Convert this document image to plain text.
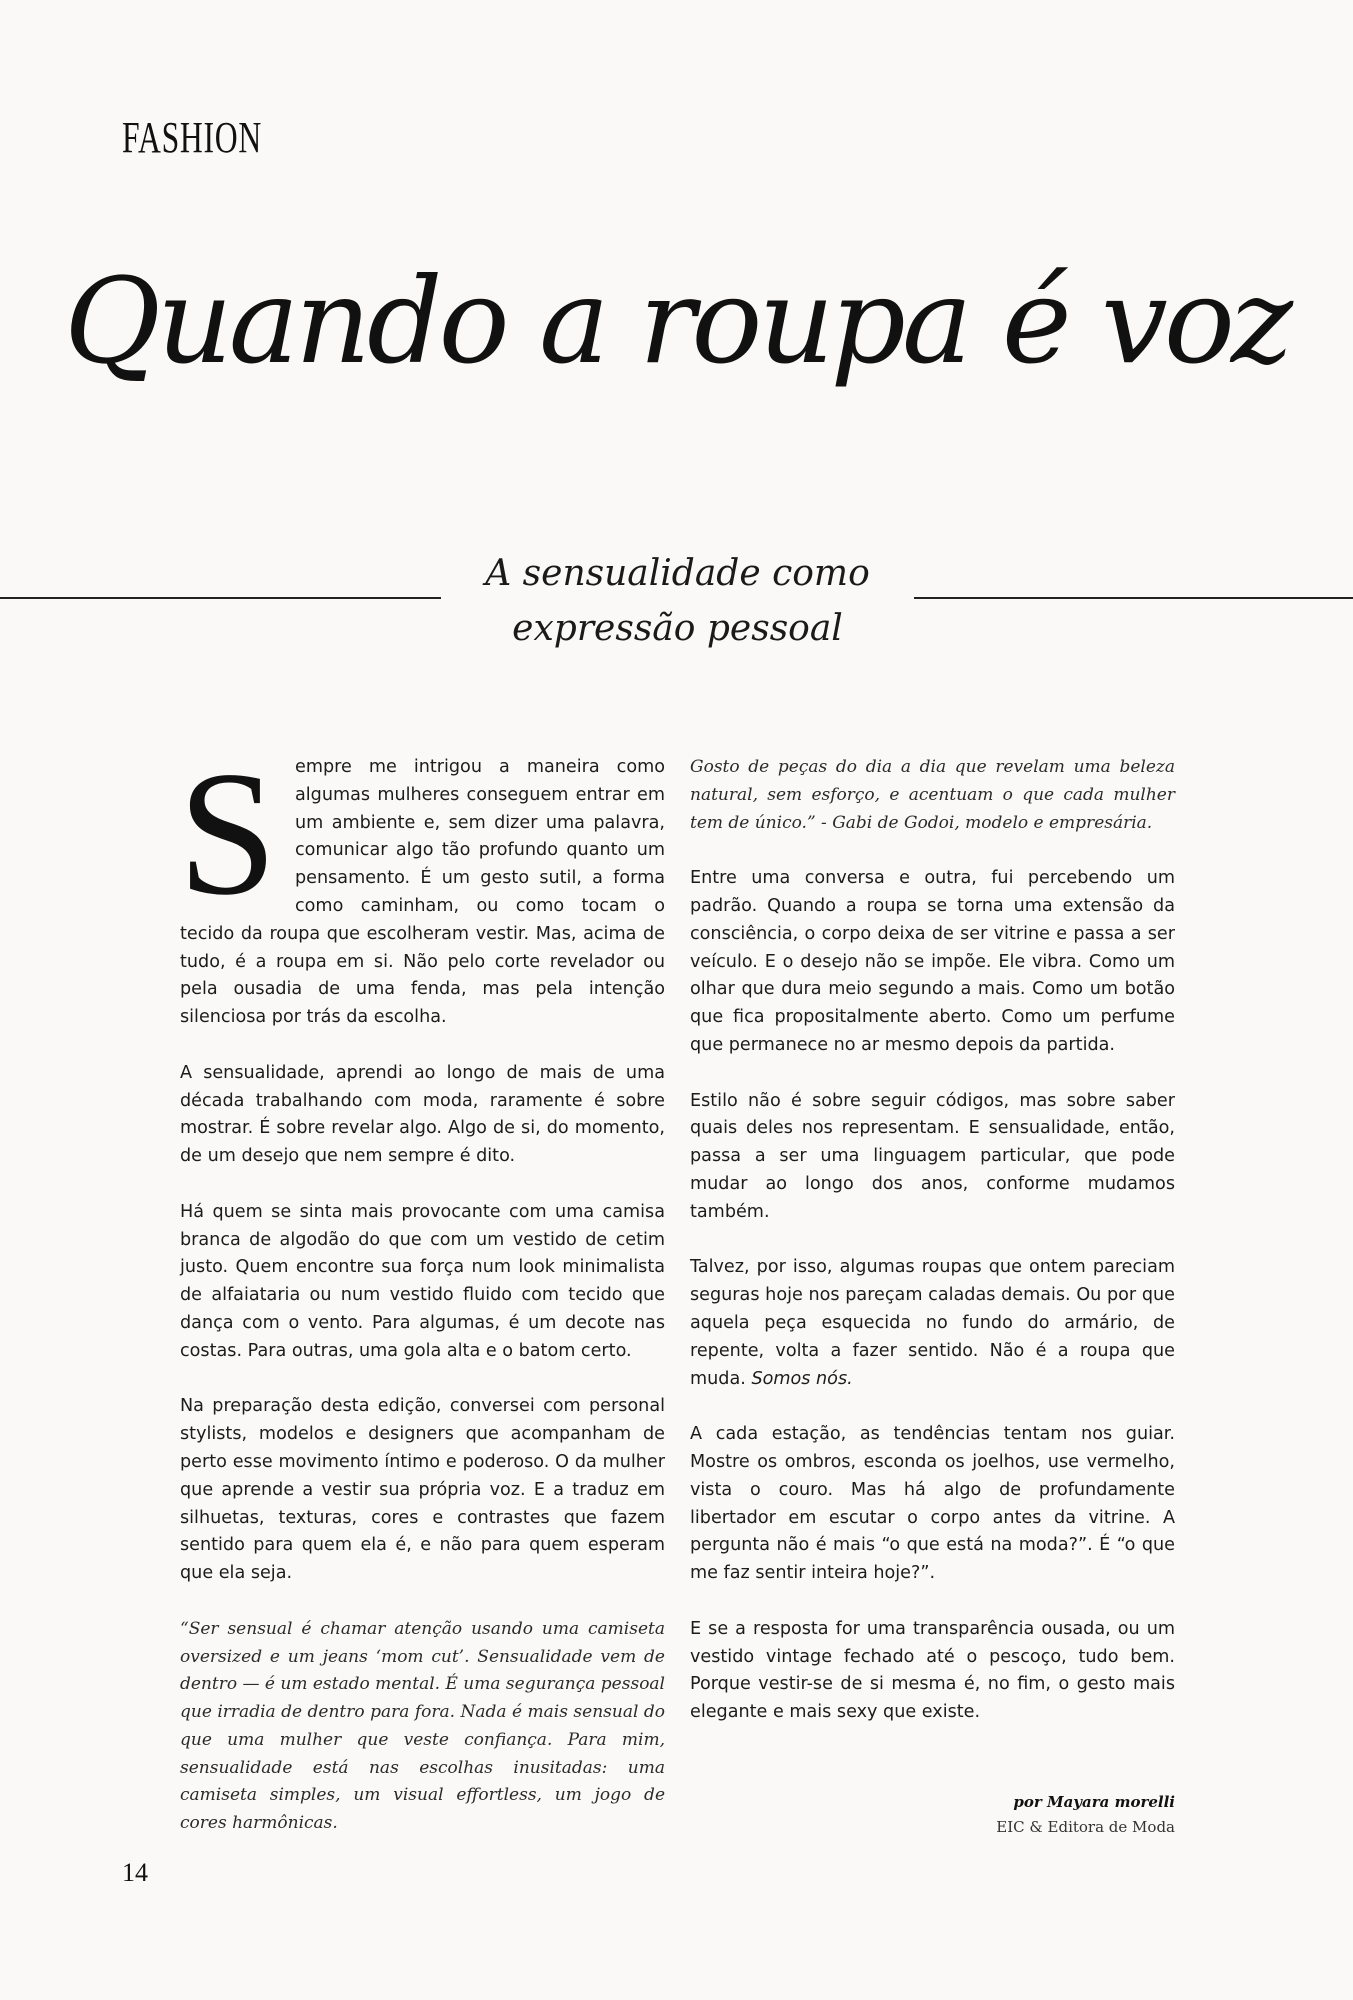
FASHION
Quando a roupa é voz
A sensualidade como
expressão pessoal

S empre me intrigou a maneira como algumas mulheres conseguem entrar em um ambiente e, sem dizer uma palavra, comunicar algo tão profundo quanto um pensamento. É um gesto sutil, a forma como caminham, ou como tocam o tecido da roupa que escolheram vestir. Mas, acima de tudo, é a roupa em si. Não pelo corte revelador ou pela ousadia de uma fenda, mas pela intenção silenciosa por trás da escolha.

A sensualidade, aprendi ao longo de mais de uma década trabalhando com moda, raramente é sobre mostrar. É sobre revelar algo. Algo de si, do momento, de um desejo que nem sempre é dito.

Há quem se sinta mais provocante com uma camisa branca de algodão do que com um vestido de cetim justo. Quem encontre sua força num look minimalista de alfaiataria ou num vestido fluido com tecido que dança com o vento. Para algumas, é um decote nas costas. Para outras, uma gola alta e o batom certo.

Na preparação desta edição, conversei com personal stylists, modelos e designers que acompanham de perto esse movimento íntimo e poderoso. O da mulher que aprende a vestir sua própria voz. E a traduz em silhuetas, texturas, cores e contrastes que fazem sentido para quem ela é, e não para quem esperam que ela seja.

“Ser sensual é chamar atenção usando uma camiseta oversized e um jeans ‘mom cut’. Sensualidade vem de dentro — é um estado mental. É uma segurança pessoal que irradia de dentro para fora. Nada é mais sensual do que uma mulher que veste confiança. Para mim, sensualidade está nas escolhas inusitadas: uma camiseta simples, um visual effortless, um jogo de cores harmônicas.

Gosto de peças do dia a dia que revelam uma beleza natural, sem esforço, e acentuam o que cada mulher tem de único.” - Gabi de Godoi, modelo e empresária.

Entre uma conversa e outra, fui percebendo um padrão. Quando a roupa se torna uma extensão da consciência, o corpo deixa de ser vitrine e passa a ser veículo. E o desejo não se impõe. Ele vibra. Como um olhar que dura meio segundo a mais. Como um botão que fica propositalmente aberto. Como um perfume que permanece no ar mesmo depois da partida.

Estilo não é sobre seguir códigos, mas sobre saber quais deles nos representam. E sensualidade, então, passa a ser uma linguagem particular, que pode mudar ao longo dos anos, conforme mudamos também.

Talvez, por isso, algumas roupas que ontem pareciam seguras hoje nos pareçam caladas demais. Ou por que aquela peça esquecida no fundo do armário, de repente, volta a fazer sentido. Não é a roupa que muda. Somos nós.

A cada estação, as tendências tentam nos guiar. Mostre os ombros, esconda os joelhos, use vermelho, vista o couro. Mas há algo de profundamente libertador em escutar o corpo antes da vitrine. A pergunta não é mais “o que está na moda?”. É “o que me faz sentir inteira hoje?”.

E se a resposta for uma transparência ousada, ou um vestido vintage fechado até o pescoço, tudo bem. Porque vestir-se de si mesma é, no fim, o gesto mais elegante e mais sexy que existe.

por Mayara morelli
EIC & Editora de Moda
14
